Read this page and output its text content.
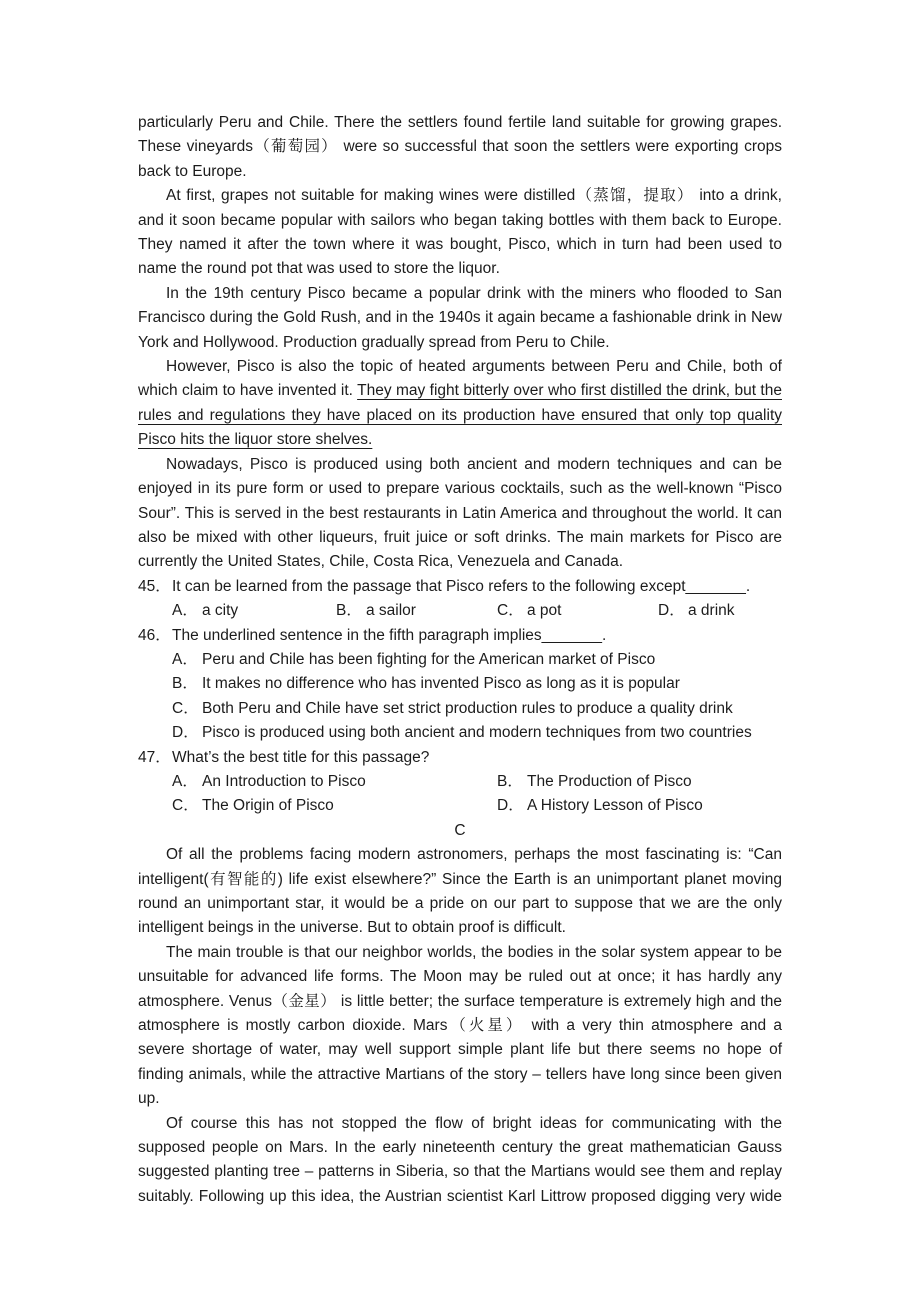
particularly Peru and Chile. There the settlers found fertile land suitable for growing grapes. These vineyards（葡萄园） were so successful that soon the settlers were exporting crops back to Europe.

At first, grapes not suitable for making wines were distilled（蒸馏，提取） into a drink, and it soon became popular with sailors who began taking bottles with them back to Europe. They named it after the town where it was bought, Pisco, which in turn had been used to name the round pot that was used to store the liquor.

In the 19th century Pisco became a popular drink with the miners who flooded to San Francisco during the Gold Rush, and in the 1940s it again became a fashionable drink in New York and Hollywood. Production gradually spread from Peru to Chile.

However, Pisco is also the topic of heated arguments between Peru and Chile, both of which claim to have invented it. They may fight bitterly over who first distilled the drink, but the rules and regulations they have placed on its production have ensured that only top quality Pisco hits the liquor store shelves.

Nowadays, Pisco is produced using both ancient and modern techniques and can be enjoyed in its pure form or used to prepare various cocktails, such as the well-known “Pisco Sour”. This is served in the best restaurants in Latin America and throughout the world. It can also be mixed with other liqueurs, fruit juice or soft drinks. The main markets for Pisco are currently the United States, Chile, Costa Rica, Venezuela and Canada.

45．It can be learned from the passage that Pisco refers to the following except_______.

A． a city	B． a sailor	C． a pot	D． a drink

46．The underlined sentence in the fifth paragraph implies_______.

A． Peru and Chile has been fighting for the American market of Pisco
B． It makes no difference who has invented Pisco as long as it is popular
C． Both Peru and Chile have set strict production rules to produce a quality drink
D． Pisco is produced using both ancient and modern techniques from two countries

47．What’s the best title for this passage?

A． An Introduction to Pisco	B． The Production of Pisco
C． The Origin of Pisco	D． A History Lesson of Pisco

C

Of all the problems facing modern astronomers, perhaps the most fascinating is: “Can intelligent(有智能的) life exist elsewhere?” Since the Earth is an unimportant planet moving round an unimportant star, it would be a pride on our part to suppose that we are the only intelligent beings in the universe. But to obtain proof is difficult.

The main trouble is that our neighbor worlds, the bodies in the solar system appear to be unsuitable for advanced life forms. The Moon may be ruled out at once; it has hardly any atmosphere. Venus（金星） is little better; the surface temperature is extremely high and the atmosphere is mostly carbon dioxide. Mars（火星） with a very thin atmosphere and a severe shortage of water, may well support simple plant life but there seems no hope of finding animals, while the attractive Martians of the story – tellers have long since been given up.

Of course this has not stopped the flow of bright ideas for communicating with the supposed people on Mars. In the early nineteenth century the great mathematician Gauss suggested planting tree – patterns in Siberia, so that the Martians would see them and replay suitably. Following up this idea, the Austrian scientist Karl Littrow proposed digging very wide
